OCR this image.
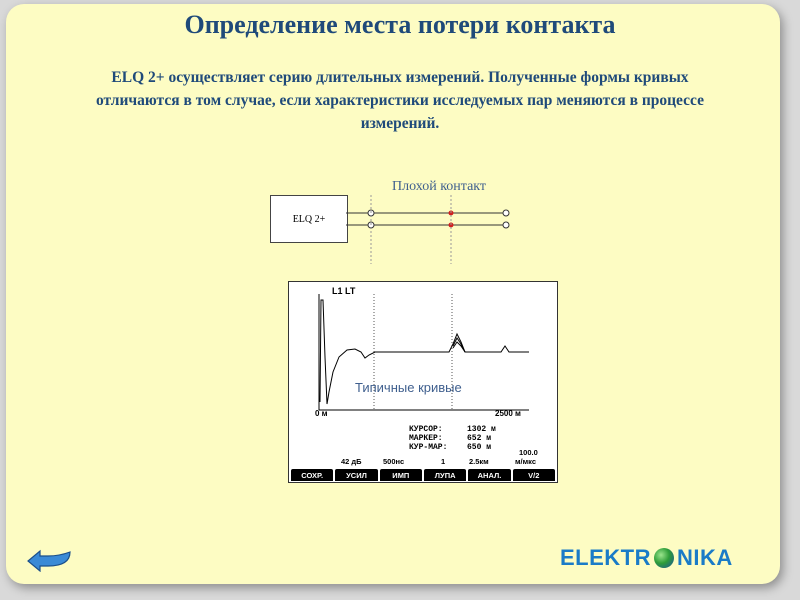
Определение места потери контакта
ELQ 2+ осуществляет серию длительных измерений. Полученные формы кривых отличаются в том случае, если характеристики исследуемых пар меняются в процессе измерений.
Плохой контакт
ELQ 2+
L1 LT
Типичные кривые
0 м	2500 м
КУРСОР:	1302 м
МАРКЕР:	652 м
КУР-МАР:	650 м
42 дБ	500нс	1	2.5км
100.0
м/мкс
СОХР.	УСИЛ	ИМП	ЛУПА	АНАЛ.	V/2
ELEKTR NIKA
